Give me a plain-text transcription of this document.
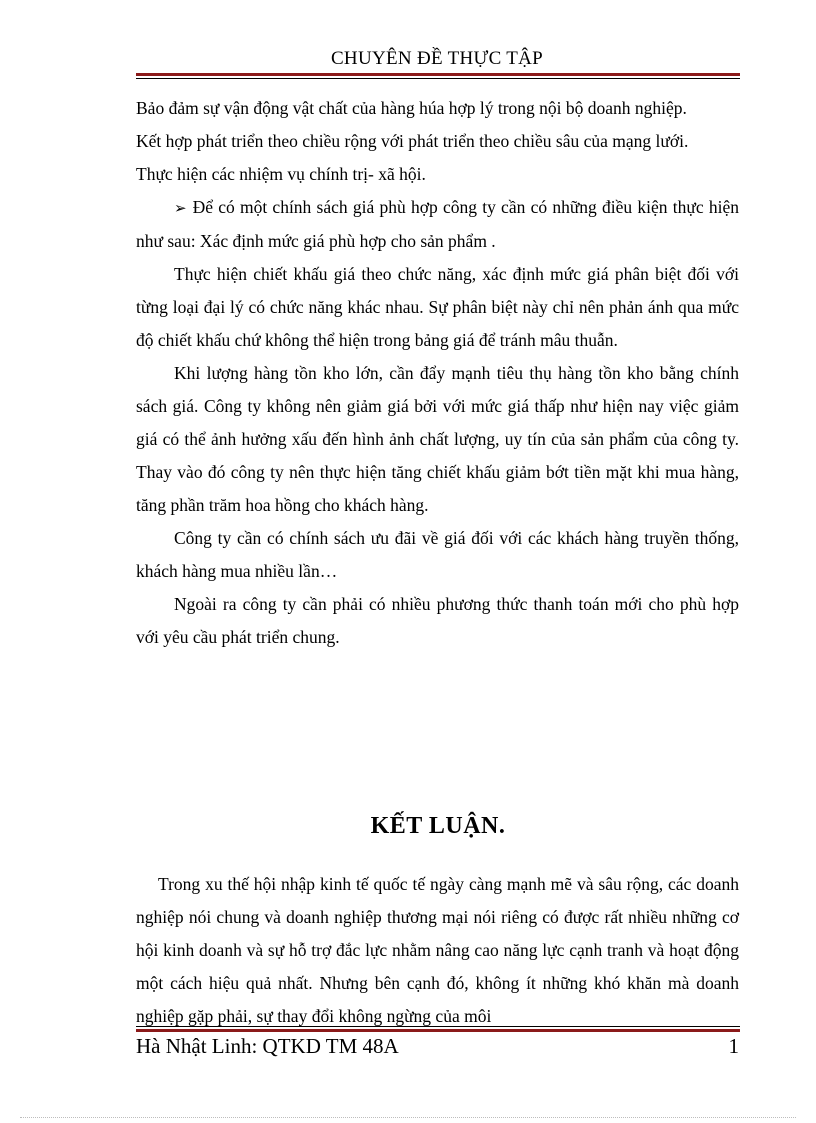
CHUYÊN ĐỀ THỰC TẬP

Bảo đảm sự vận động vật chất của hàng húa hợp lý trong nội bộ doanh nghiệp.

Kết hợp phát triển theo chiều rộng với phát triển theo chiều sâu của mạng lưới.

Thực hiện các nhiệm vụ chính trị- xã hội.

➢ Để có một chính sách giá phù hợp công ty cần có những điều kiện thực hiện như sau: Xác định mức giá phù hợp cho sản phẩm .

Thực hiện chiết khấu giá theo chức năng, xác định mức giá phân biệt đối với từng loại đại lý có chức năng khác nhau. Sự phân biệt này chỉ nên phản ánh qua mức độ chiết khấu chứ không thể hiện trong bảng giá để tránh mâu thuẫn.

Khi lượng hàng tồn kho lớn, cần đẩy mạnh tiêu thụ hàng tồn kho bằng chính sách giá. Công ty không nên giảm giá bởi với mức giá thấp như hiện nay việc giảm giá có thể ảnh hưởng xấu đến hình ảnh chất lượng, uy tín của sản phẩm của công ty. Thay vào đó công ty nên thực hiện tăng chiết khấu giảm bớt tiền mặt khi mua hàng, tăng phần trăm hoa hồng cho khách hàng.

Công ty cần có chính sách ưu đãi về giá đối với các khách hàng truyền thống, khách hàng mua nhiều lần…

Ngoài ra công ty cần phải có nhiều phương thức thanh toán mới cho phù hợp với yêu cầu phát triển chung.

KẾT LUẬN.

Trong xu thế hội nhập kinh tế quốc tế ngày càng mạnh mẽ và sâu rộng, các doanh nghiệp nói chung và doanh nghiệp thương mại nói riêng có được rất nhiều những cơ hội kinh doanh và sự hỗ trợ đắc lực nhằm nâng cao năng lực cạnh tranh và hoạt động một cách hiệu quả nhất. Nhưng bên cạnh đó, không ít những khó khăn mà doanh nghiệp gặp phải, sự thay đổi không ngừng của môi

Hà Nhật Linh: QTKD TM 48A	1
